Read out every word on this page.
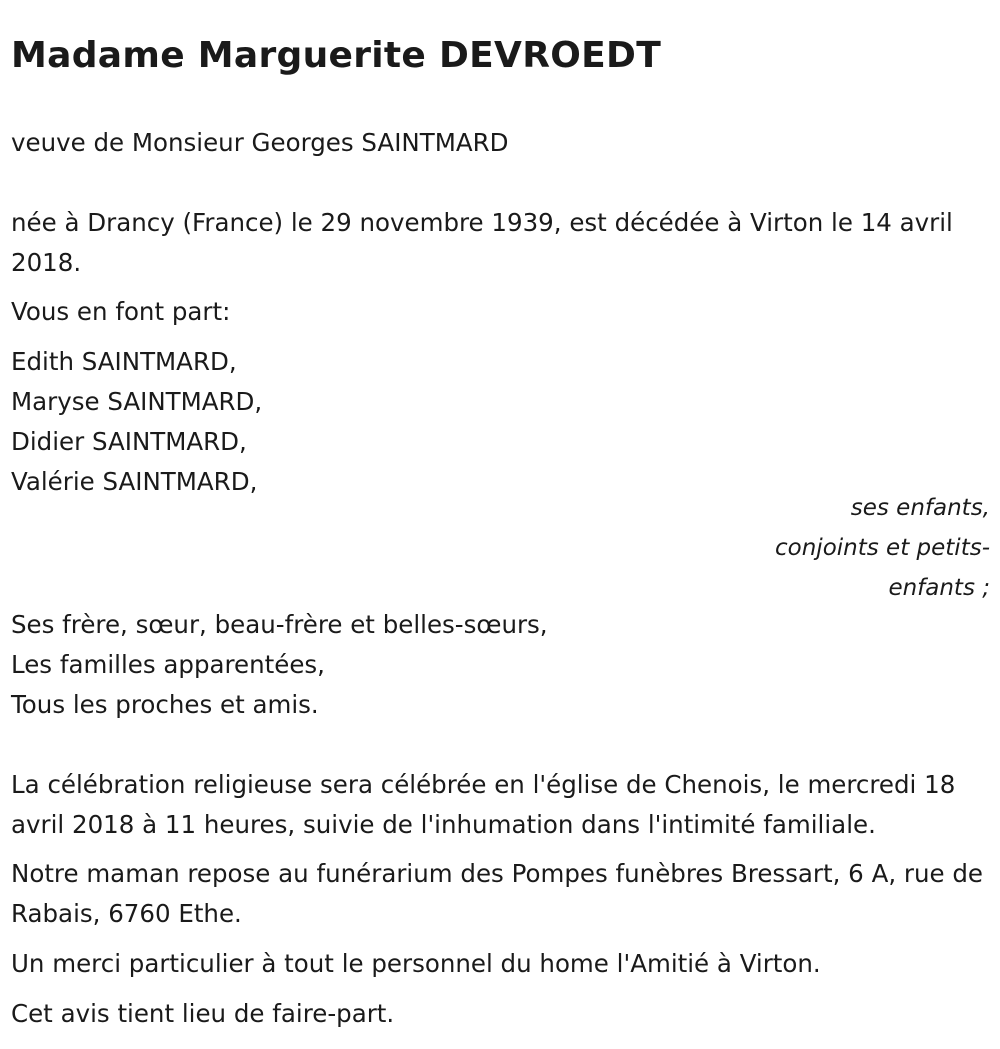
Madame Marguerite DEVROEDT

veuve de Monsieur Georges SAINTMARD

née à Drancy (France) le 29 novembre 1939, est décédée à Virton le 14 avril 2018.

Vous en font part:

Edith SAINTMARD,

Maryse SAINTMARD,

Didier SAINTMARD,

Valérie SAINTMARD,

ses enfants,
conjoints et petits-
enfants ;

Ses frère, sœur, beau-frère et belles-sœurs,

Les familles apparentées,

Tous les proches et amis.

La célébration religieuse sera célébrée en l'église de Chenois, le mercredi 18 avril 2018 à 11 heures, suivie de l'inhumation dans l'intimité familiale.

Notre maman repose au funérarium des Pompes funèbres Bressart, 6 A, rue de Rabais, 6760 Ethe.

Un merci particulier à tout le personnel du home l'Amitié à Virton.

Cet avis tient lieu de faire-part.
